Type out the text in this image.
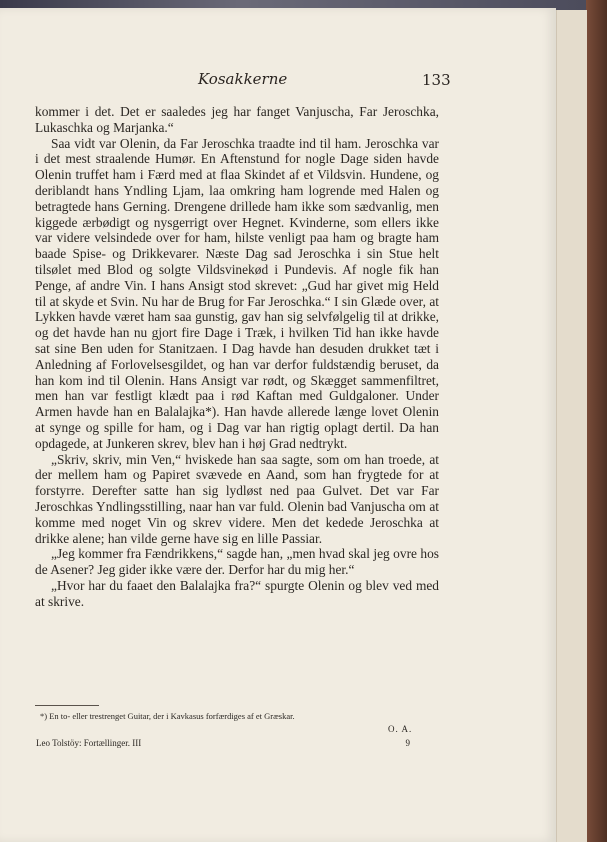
Kosakkerne	133

kommer i det. Det er saaledes jeg har fanget Vanjuscha, Far Jeroschka, Lukaschka og Marjanka.“

Saa vidt var Olenin, da Far Jeroschka traadte ind til ham. Jeroschka var i det mest straalende Humør. En Aftenstund for nogle Dage siden havde Olenin truffet ham i Færd med at flaa Skindet af et Vildsvin. Hundene, og deriblandt hans Yndling Ljam, laa omkring ham logrende med Halen og betragtede hans Gerning. Drengene drillede ham ikke som sædvanlig, men kiggede ærbødigt og nysgerrigt over Hegnet. Kvinderne, som ellers ikke var videre velsindede over for ham, hilste venligt paa ham og bragte ham baade Spise- og Drikkevarer. Næste Dag sad Jeroschka i sin Stue helt tilsølet med Blod og solgte Vildsvinekød i Pundevis. Af nogle fik han Penge, af andre Vin. I hans Ansigt stod skrevet: „Gud har givet mig Held til at skyde et Svin. Nu har de Brug for Far Jeroschka.“ I sin Glæde over, at Lykken havde været ham saa gunstig, gav han sig selvfølgelig til at drikke, og det havde han nu gjort fire Dage i Træk, i hvilken Tid han ikke havde sat sine Ben uden for Stanitzaen. I Dag havde han desuden drukket tæt i Anledning af Forlovelsesgildet, og han var derfor fuldstændig beruset, da han kom ind til Olenin. Hans Ansigt var rødt, og Skægget sammenfiltret, men han var festligt klædt paa i rød Kaftan med Guldgaloner. Under Armen havde han en Balalajka*). Han havde allerede længe lovet Olenin at synge og spille for ham, og i Dag var han rigtig oplagt dertil. Da han opdagede, at Junkeren skrev, blev han i høj Grad nedtrykt.

„Skriv, skriv, min Ven,“ hviskede han saa sagte, som om han troede, at der mellem ham og Papiret svævede en Aand, som han frygtede for at forstyrre. Derefter satte han sig lydløst ned paa Gulvet. Det var Far Jeroschkas Yndlingsstilling, naar han var fuld. Olenin bad Vanjuscha om at komme med noget Vin og skrev videre. Men det kedede Jeroschka at drikke alene; han vilde gerne have sig en lille Passiar.

„Jeg kommer fra Fændrikkens,“ sagde han, „men hvad skal jeg ovre hos de Asener? Jeg gider ikke være der. Derfor har du mig her.“

„Hvor har du faaet den Balalajka fra?“ spurgte Olenin og blev ved med at skrive.

*) En to- eller trestrenget Guitar, der i Kavkasus forfærdiges af et Græskar.
O. A.
Leo Tolstöy: Fortællinger. III	9
